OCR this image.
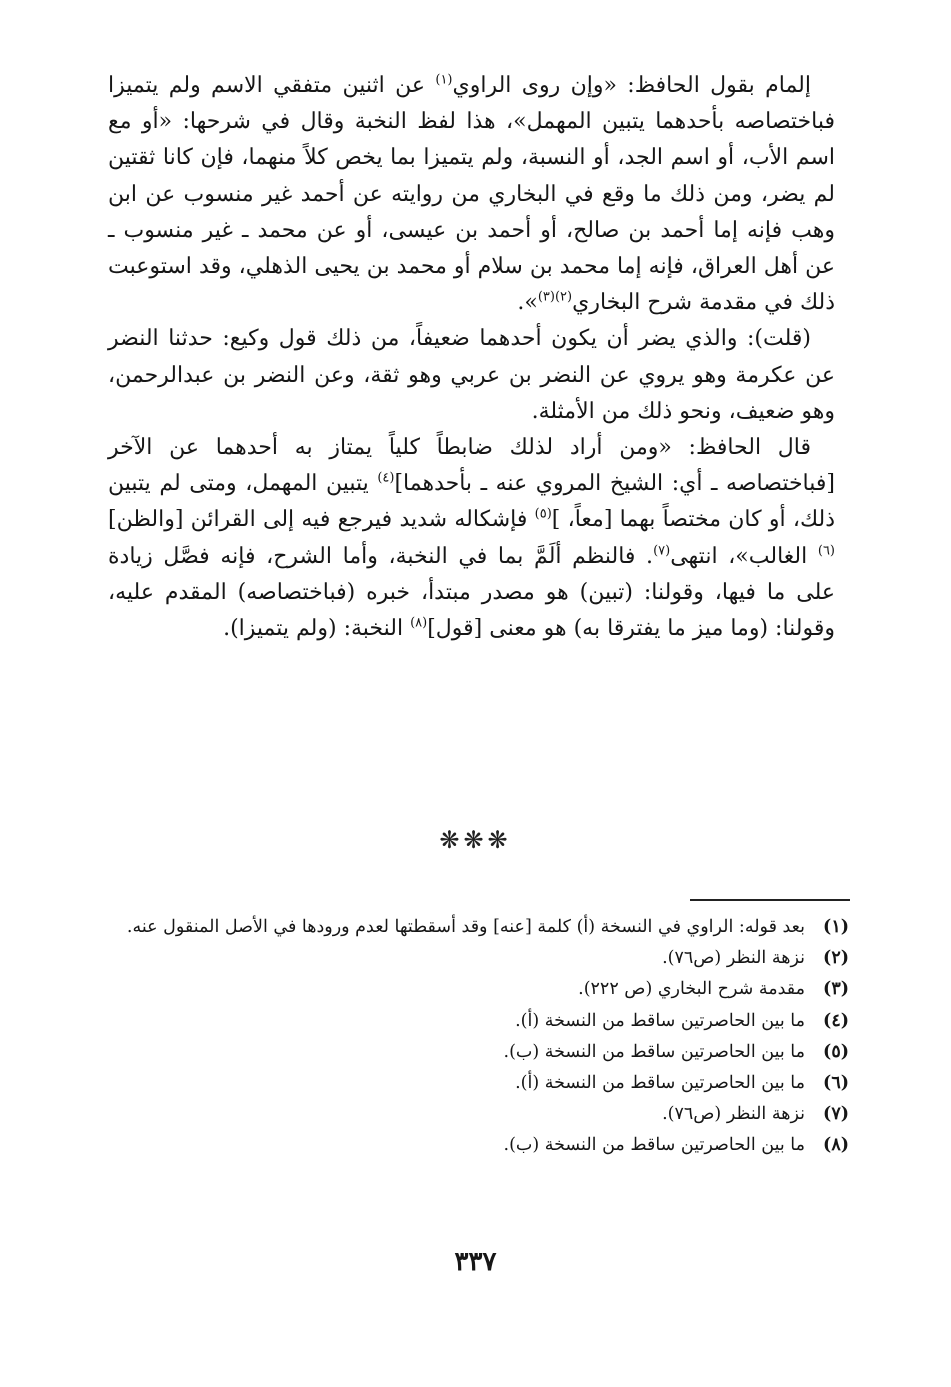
إلمام بقول الحافظ: «وإن روى الراوي$^{(١)}$ عن اثنين متفقي الاسم ولم يتميزا فباختصاصه بأحدهما يتبين المهمل»، هذا لفظ النخبة وقال في شرحها: «أو مع اسم الأب، أو اسم الجد، أو النسبة، ولم يتميزا بما يخص كلاً منهما، فإن كانا ثقتين لم يضر، ومن ذلك ما وقع في البخاري من روايته عن أحمد غير منسوب عن ابن وهب فإنه إما أحمد بن صالح، أو أحمد بن عيسى، أو عن محمد ـ غير منسوب ـ عن أهل العراق، فإنه إما محمد بن سلام أو محمد بن يحيى الذهلي، وقد استوعبت ذلك في مقدمة شرح البخاري$^{(٢)(٣)}$».

(قلت): والذي يضر أن يكون أحدهما ضعيفاً، من ذلك قول وكيع: حدثنا النضر عن عكرمة وهو يروي عن النضر بن عربي وهو ثقة، وعن النضر بن عبدالرحمن، وهو ضعيف، ونحو ذلك من الأمثلة.

قال الحافظ: «ومن أراد لذلك ضابطاً كلياً يمتاز به أحدهما عن الآخر [فباختصاصه ـ أي: الشيخ المروي عنه ـ بأحدهما]$^{(٤)}$ يتبين المهمل، ومتى لم يتبين ذلك، أو كان مختصاً بهما [معاً، ]$^{(٥)}$ فإشكاله شديد فيرجع فيه إلى القرائن [والظن]$^{(٦)}$ الغالب»، انتهى$^{(٧)}$. فالنظم ألَمَّ بما في النخبة، وأما الشرح، فإنه فصَّل زيادة على ما فيها، وقولنا: (تبين) هو مصدر مبتدأ، خبره (فباختصاصه) المقدم عليه، وقولنا: (وما ميز ما يفترقا به) هو معنى [قول]$^{(٨)}$ النخبة: (ولم يتميزا).

❋❋❋
(١)
بعد قوله: الراوي في النسخة (أ) كلمة [عنه] وقد أسقطتها لعدم ورودها في الأصل المنقول عنه.
(٢)
نزهة النظر (ص٧٦).
(٣)
مقدمة شرح البخاري (ص ٢٢٢).
(٤)
ما بين الحاصرتين ساقط من النسخة (أ).
(٥)
ما بين الحاصرتين ساقط من النسخة (ب).
(٦)
ما بين الحاصرتين ساقط من النسخة (أ).
(٧)
نزهة النظر (ص٧٦).
(٨)
ما بين الحاصرتين ساقط من النسخة (ب).
٣٣٧
